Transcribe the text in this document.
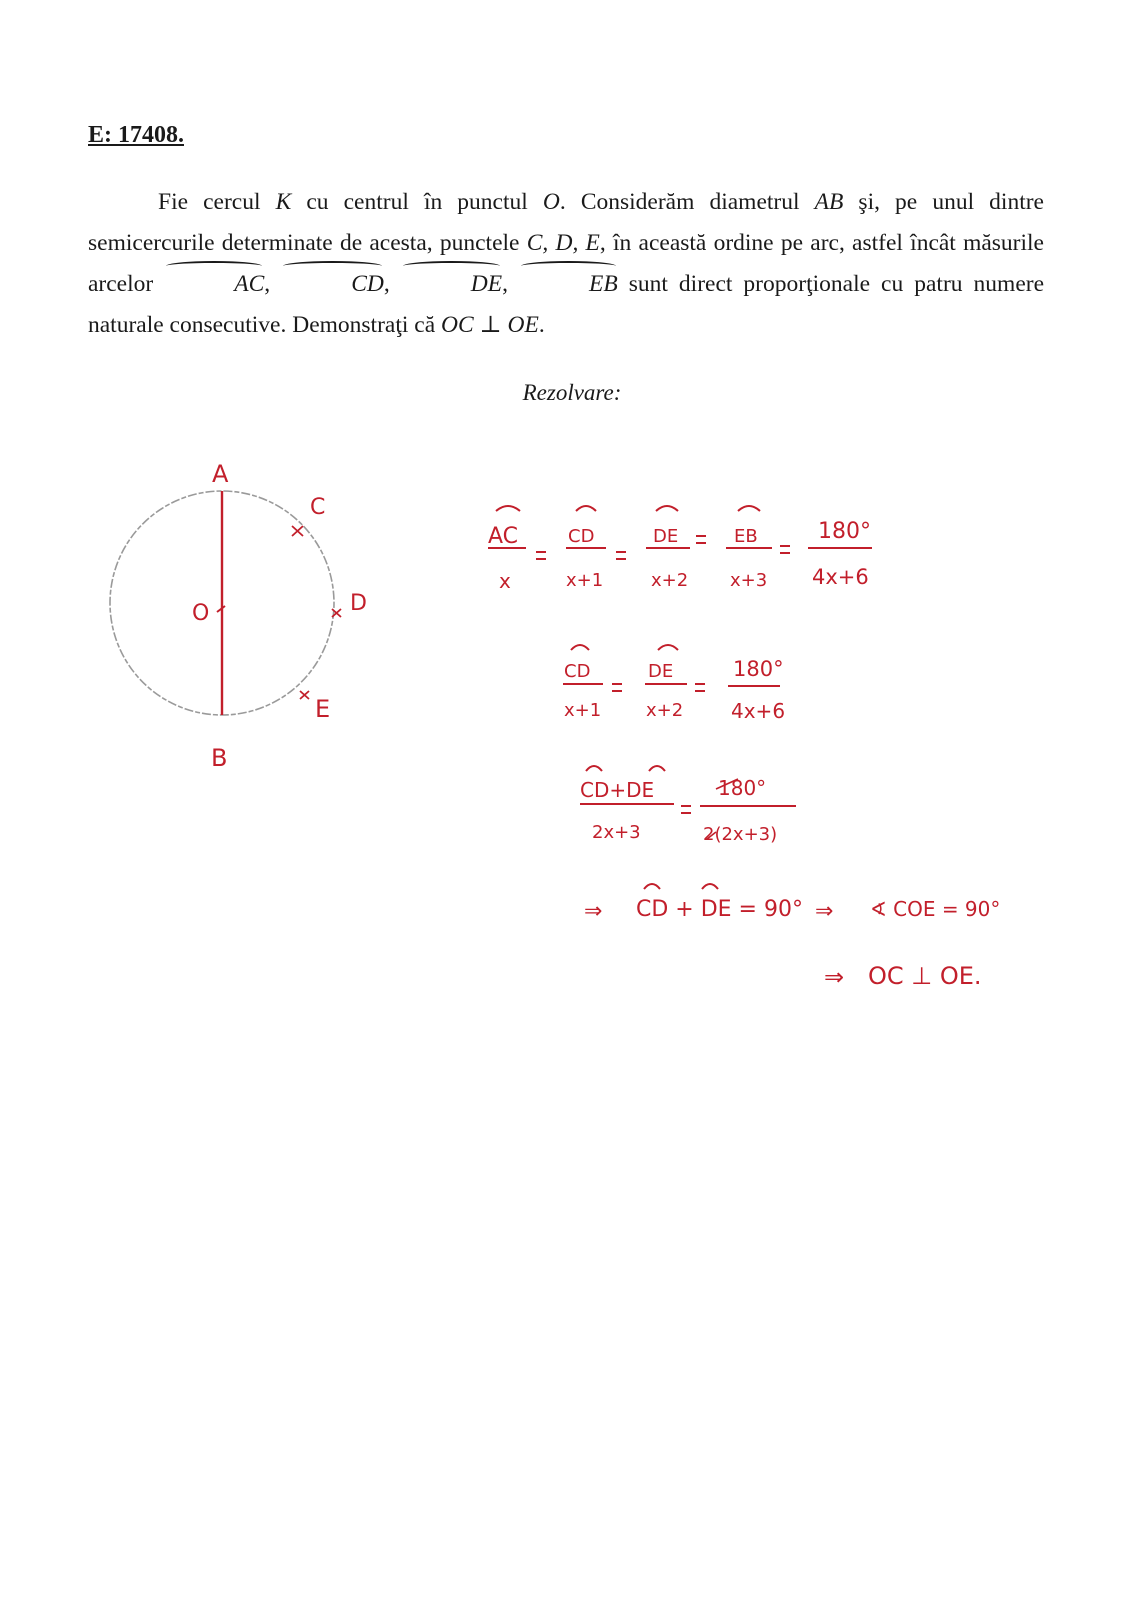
E: 17408.

Fie cercul K cu centrul în punctul O. Considerăm diametrul AB şi, pe unul dintre semicercurile determinate de acesta, punctele C, D, E, în această ordine pe arc, astfel încât măsurile arcelor	AC,	CD,	DE,	EB sunt direct proporţionale cu patru numere naturale consecutive. Demonstraţi că OC ⊥ OE.

Rezolvare:
A
B
O
C
D
E
AC
x
CD
x+1
DE
x+2
EB
x+3
180°
4x+6
CD
x+1
DE
x+2
180°
4x+6
CD+DE
2x+3
180°
2(2x+3)
⇒ CD + DE = 90° ⇒ ∢ COE = 90°
⇒ OC ⊥ OE.
